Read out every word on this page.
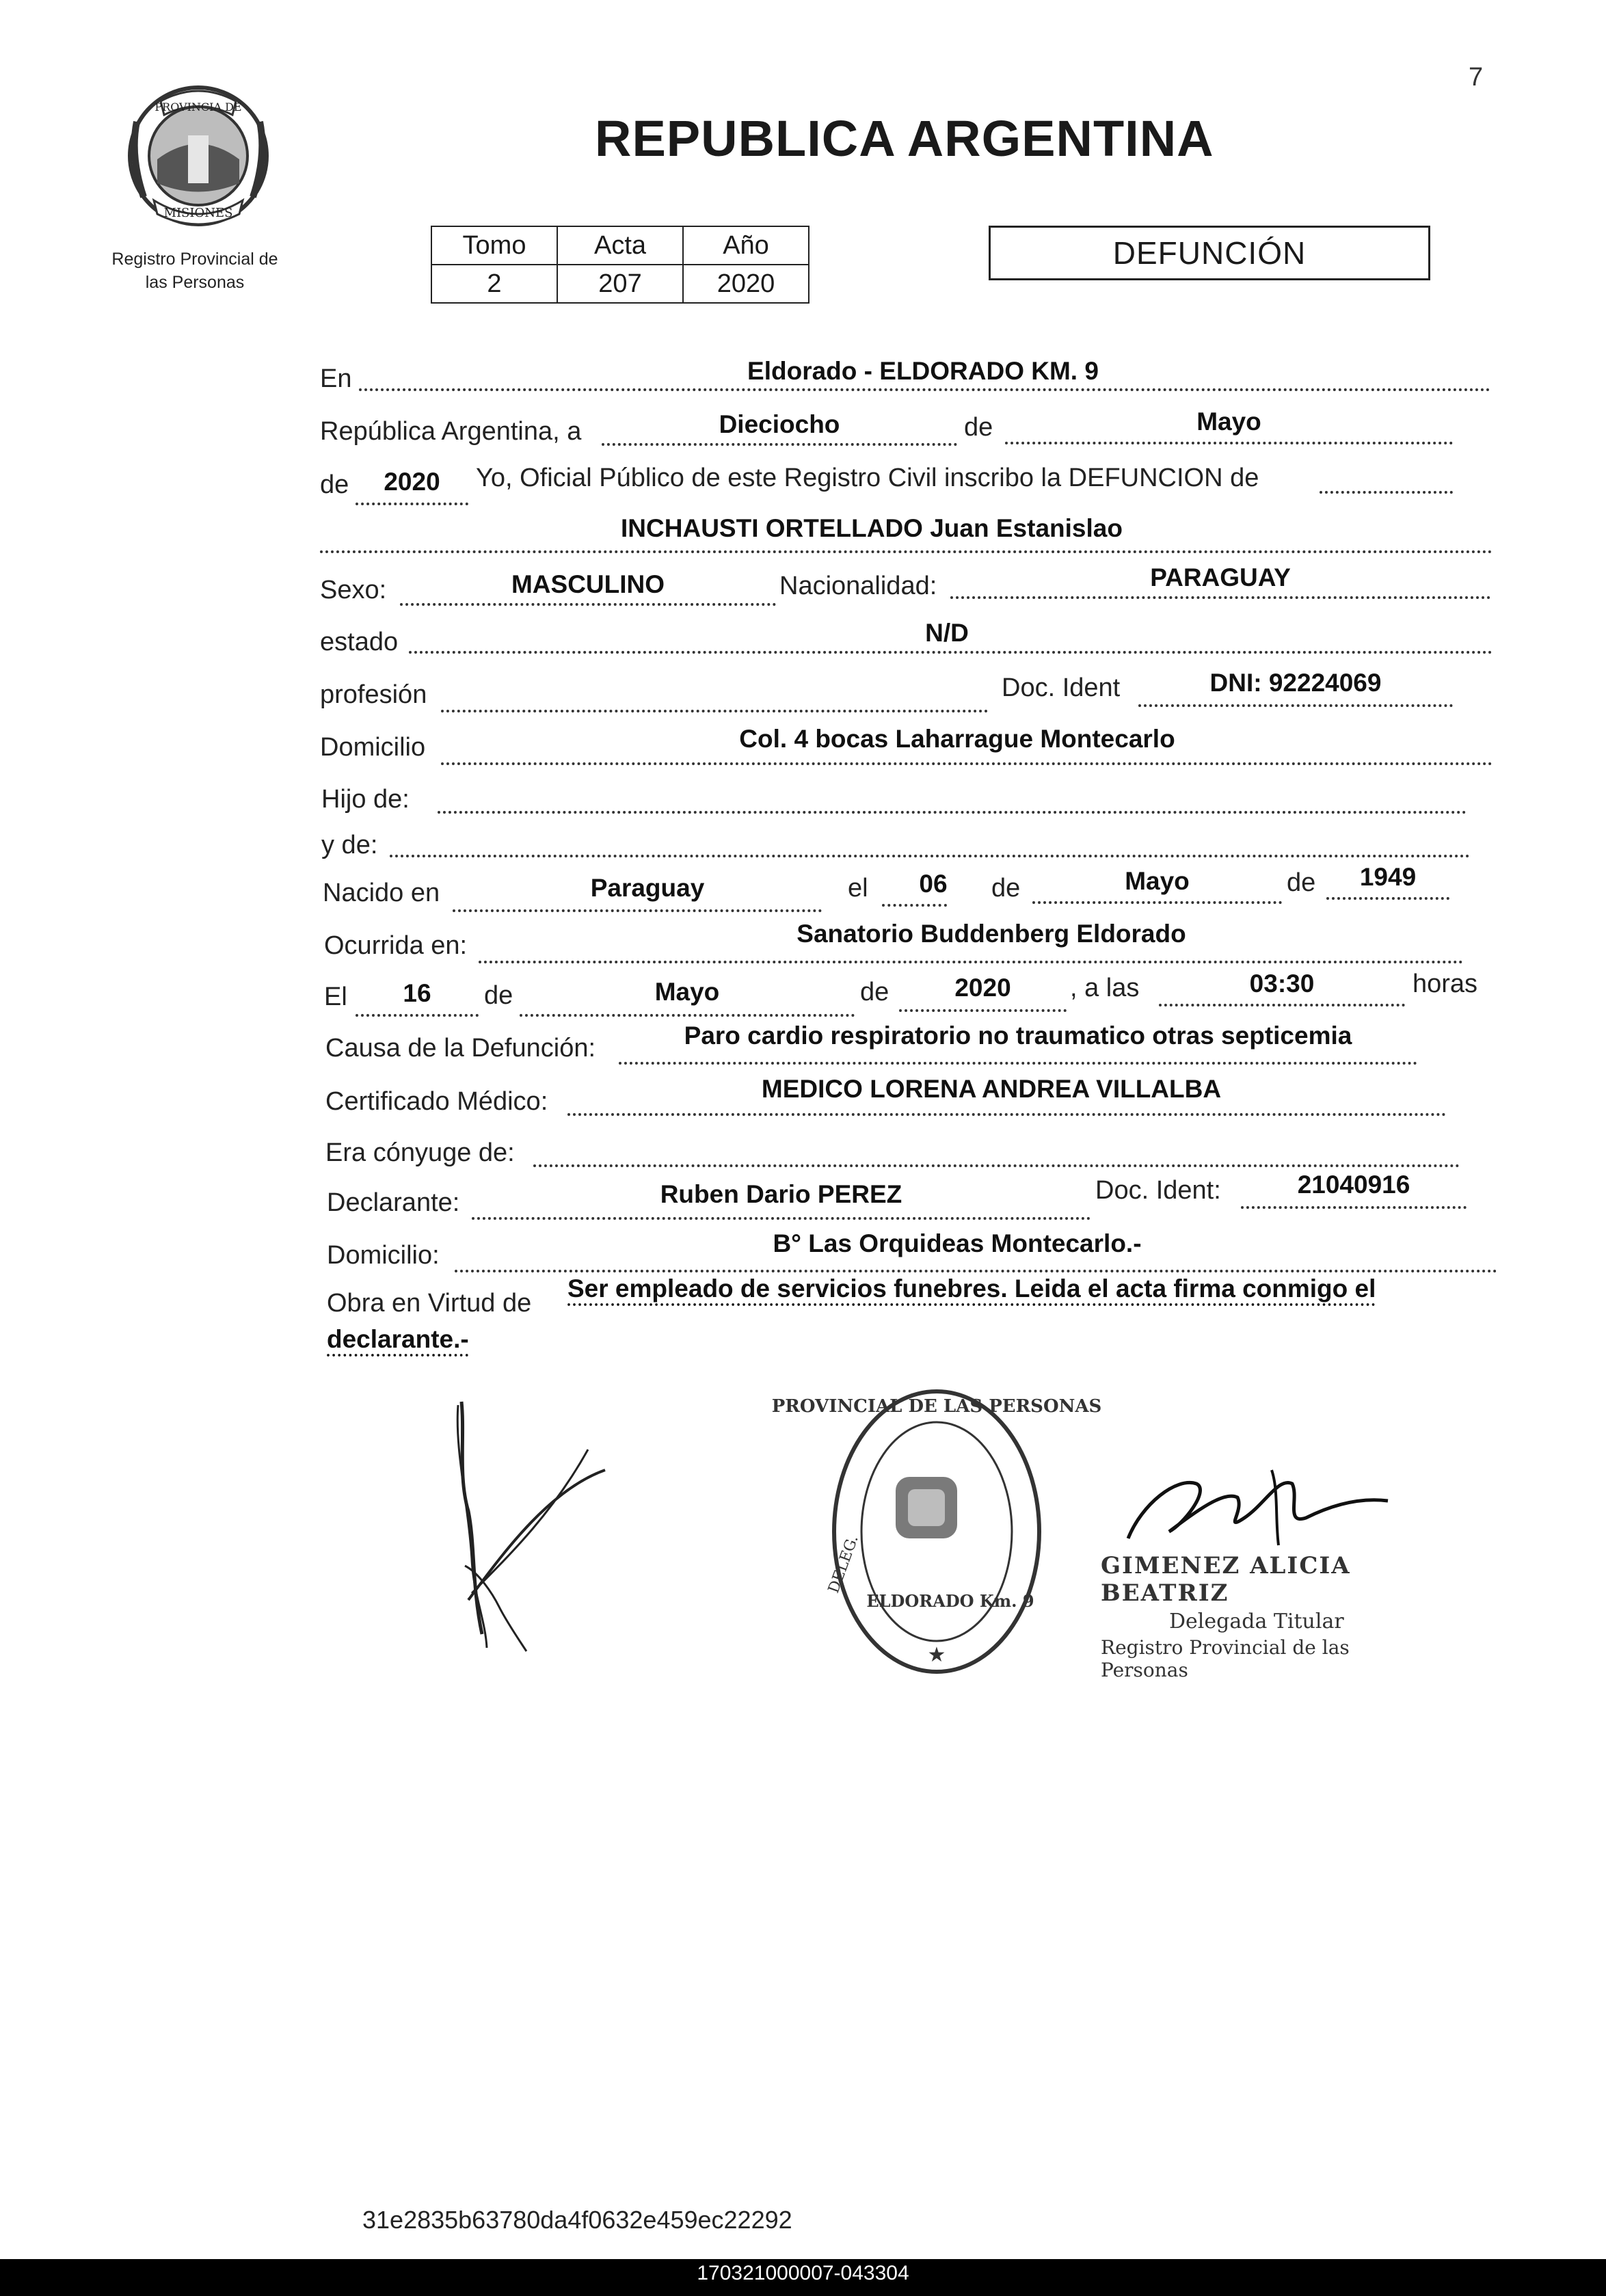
7
PROVINCIA DE
MISIONES
Registro Provincial de
las Personas
REPUBLICA ARGENTINA
Tomo	Acta	Año
2	207	2020
DEFUNCIÓN
En	Eldorado - ELDORADO KM. 9
República Argentina, a	Dieciocho	de	Mayo
de	2020	Yo, Oficial Público de este Registro Civil inscribo la DEFUNCION de
INCHAUSTI ORTELLADO Juan Estanislao
Sexo:	MASCULINO	Nacionalidad:	PARAGUAY
estado	N/D
profesión	Doc. Ident	DNI: 92224069
Domicilio	Col. 4 bocas Laharrague Montecarlo
Hijo de:
y de:
Nacido en	Paraguay	el	06	de	Mayo	de	1949
Ocurrida en:	Sanatorio Buddenberg Eldorado
El	16	de	Mayo	de	2020	, a las	03:30	horas
Causa de la Defunción:	Paro cardio respiratorio no traumatico otras septicemia
Certificado Médico:	MEDICO LORENA ANDREA VILLALBA
Era cónyuge de:
Declarante:	Ruben Dario PEREZ	Doc. Ident:	21040916
Domicilio:	B° Las Orquideas Montecarlo.-
Obra en Virtud de
Ser empleado de servicios funebres. Leida el acta firma conmigo el
declarante.-
PROVINCIAL DE LAS PERSONAS
ELDORADO Km. 9
DELEG.
★
GIMENEZ ALICIA BEATRIZ
Delegada Titular
Registro Provincial de las Personas
31e2835b63780da4f0632e459ec22292
170321000007-043304
